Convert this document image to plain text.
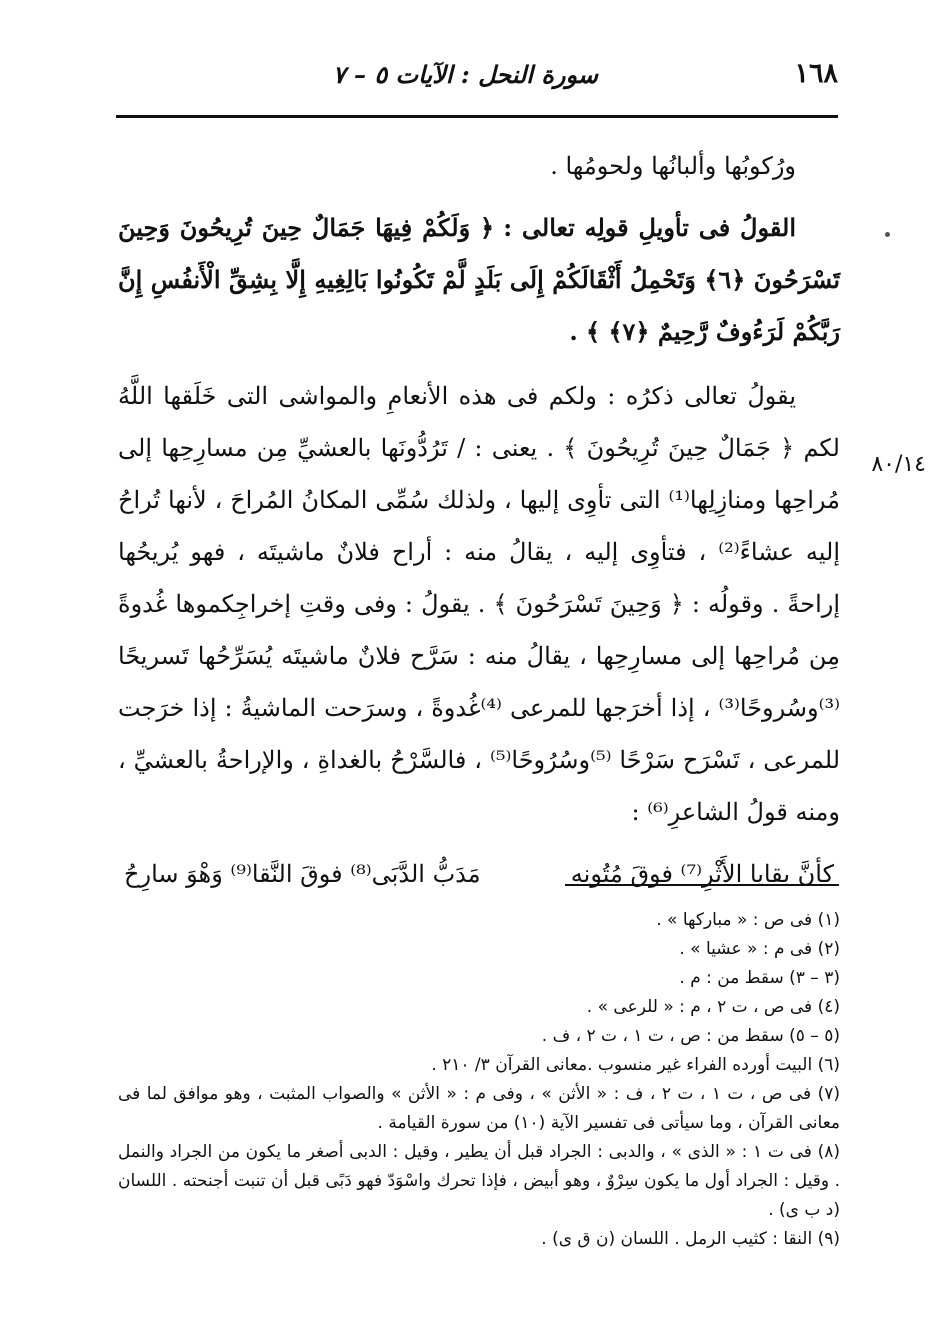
١٦٨
سورة النحل : الآيات ٥ – ٧
٨٠/١٤

ورُكوبُها وألبانُها ولحومُها .

القولُ فى تأويلِ قولِه تعالى : ﴿ وَلَكُمْ فِيهَا جَمَالٌ حِينَ تُرِيحُونَ وَحِينَ تَسْرَحُونَ ﴿٦﴾ وَتَحْمِلُ أَثْقَالَكُمْ إِلَى بَلَدٍ لَّمْ تَكُونُوا بَالِغِيهِ إِلَّا بِشِقِّ الْأَنفُسِ إِنَّ رَبَّكُمْ لَرَءُوفٌ رَّحِيمٌ ﴿٧﴾ ﴾ .

يقولُ تعالى ذكرُه : ولكم فى هذه الأنعامِ والمواشى التى خَلَقها اللَّهُ لكم ﴿ جَمَالٌ حِينَ تُرِيحُونَ ﴾ . يعنى : / تَرُدُّونَها بالعشيِّ مِن مسارِحِها إلى مُراحِها ومنازِلِها⁽¹⁾ التى تأوِى إليها ، ولذلك سُمِّى المكانُ المُراحَ ، لأنها تُراحُ إليه عشاءً⁽²⁾ ، فتأوِى إليه ، يقالُ منه : أراح فلانٌ ماشيتَه ، فهو يُريحُها إراحةً . وقولُه : ﴿ وَحِينَ تَسْرَحُونَ ﴾ . يقولُ : وفى وقتِ إخراجِكموها غُدوةً مِن مُراحِها إلى مسارِحِها ، يقالُ منه : سَرَّح فلانٌ ماشيتَه يُسَرِّحُها تَسريحًا ⁽³⁾وسُروحًا⁽³⁾ ، إذا أخرَجها للمرعى ⁽⁴⁾غُدوةً ، وسرَحت الماشيةُ : إذا خرَجت للمرعى ، تَسْرَح سَرْحًا ⁽⁵⁾وسُرُوحًا⁽⁵⁾ ، فالسَّرْحُ بالغداةِ ، والإراحةُ بالعشيِّ ، ومنه قولُ الشاعرِ⁽⁶⁾ :

كأنَّ بقايا الأَثْرِ⁽⁷⁾ فوقَ مُتُونِه
مَدَبُّ الدَّبَى⁽⁸⁾ فوقَ النَّقا⁽⁹⁾ وَهْوَ سارِحُ

(١) فى ص : « مباركها » .

(٢) فى م : « عشيا » .

(٣ – ٣) سقط من : م .

(٤) فى ص ، ت ٢ ، م : « للرعى » .

(٥ – ٥) سقط من : ص ، ت ١ ، ت ٢ ، ف .

(٦) البيت أورده الفراء غير منسوب .معانى القرآن ٣/ ٢١٠ .

(٧) فى ص ، ت ١ ، ت ٢ ، ف : « الأثن » ، وفى م : « الأثن » والصواب المثبت ، وهو موافق لما فى معانى القرآن ، وما سيأتى فى تفسير الآية (١٠) من سورة القيامة .

(٨) فى ت ١ : « الذى » ، والدبى : الجراد قبل أن يطير ، وقيل : الدبى أصغر ما يكون من الجراد والنمل . وقيل : الجراد أول ما يكون سِرْوٌ ، وهو أبيض ، فإذا تحرك واسْوَدّ فهو دَبًى قبل أن تنبت أجنحته . اللسان (د ب ى) .

(٩) النقا : كثيب الرمل . اللسان (ن ق ى) .
